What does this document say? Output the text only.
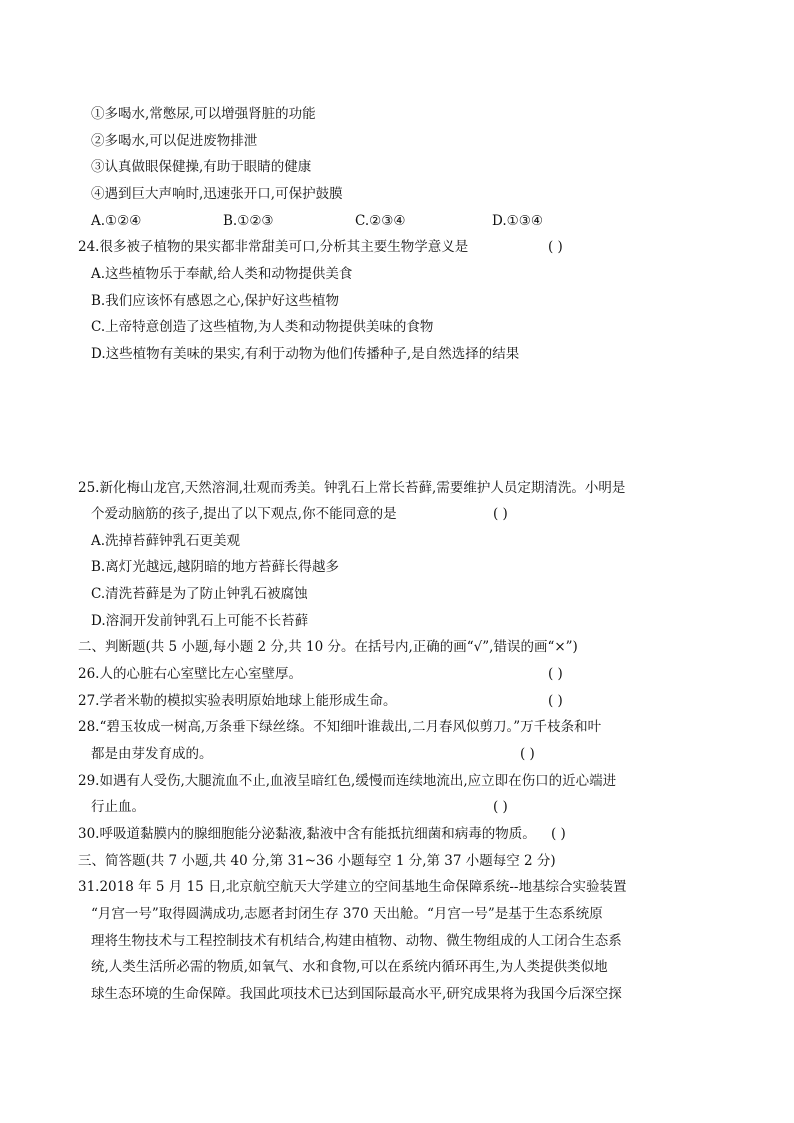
①多喝水,常憋尿,可以增强肾脏的功能
②多喝水,可以促进废物排泄
③认真做眼保健操,有助于眼睛的健康
④遇到巨大声响时,迅速张开口,可保护鼓膜
A.①②④	B.①②③	C.②③④	D.①③④
24.很多被子植物的果实都非常甜美可口,分析其主要生物学意义是	( )
A.这些植物乐于奉献,给人类和动物提供美食
B.我们应该怀有感恩之心,保护好这些植物
C.上帝特意创造了这些植物,为人类和动物提供美味的食物
D.这些植物有美味的果实,有利于动物为他们传播种子,是自然选择的结果
25.新化梅山龙宫,天然溶洞,壮观而秀美。钟乳石上常长苔藓,需要维护人员定期清洗。小明是
个爱动脑筋的孩子,提出了以下观点,你不能同意的是	( )
A.洗掉苔藓钟乳石更美观
B.离灯光越远,越阴暗的地方苔藓长得越多
C.清洗苔藓是为了防止钟乳石被腐蚀
D.溶洞开发前钟乳石上可能不长苔藓
二、判断题(共 5 小题,每小题 2 分,共 10 分。在括号内,正确的画“√”,错误的画“×”)
26.人的心脏右心室壁比左心室壁厚。	( )
27.学者米勒的模拟实验表明原始地球上能形成生命。	( )
28.“碧玉妆成一树高,万条垂下绿丝绦。不知细叶谁裁出,二月春风似剪刀。”万千枝条和叶
都是由芽发育成的。	( )
29.如遇有人受伤,大腿流血不止,血液呈暗红色,缓慢而连续地流出,应立即在伤口的近心端进
行止血。	( )
30.呼吸道黏膜内的腺细胞能分泌黏液,黏液中含有能抵抗细菌和病毒的物质。 ( )
三、简答题(共 7 小题,共 40 分,第 31~36 小题每空 1 分,第 37 小题每空 2 分)
31.2018 年 5 月 15 日,北京航空航天大学建立的空间基地生命保障系统--地基综合实验装置
“月宫一号”取得圆满成功,志愿者封闭生存 370 天出舱。“月宫一号”是基于生态系统原
理将生物技术与工程控制技术有机结合,构建由植物、动物、微生物组成的人工闭合生态系
统,人类生活所必需的物质,如氧气、水和食物,可以在系统内循环再生,为人类提供类似地
球生态环境的生命保障。我国此项技术已达到国际最高水平,研究成果将为我国今后深空探
